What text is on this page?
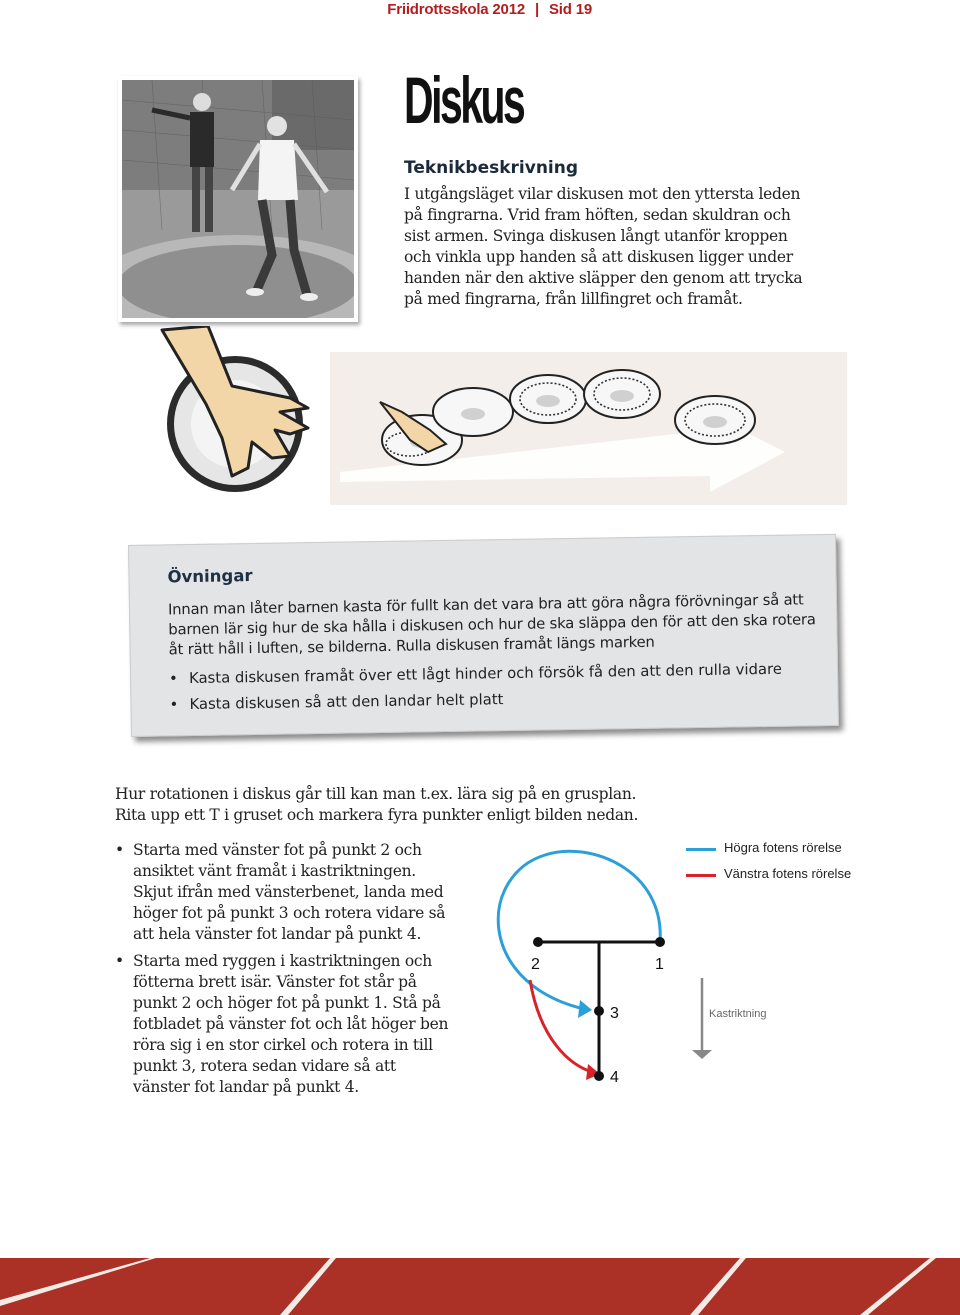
Friidrottsskola 2012 | Sid 19
Diskus
Teknikbeskrivning
I utgångsläget vilar diskusen mot den yttersta leden på fingrarna. Vrid fram höften, sedan skuldran och sist armen. Svinga diskusen långt utanför kroppen och vinkla upp handen så att diskusen ligger under handen när den aktive släpper den genom att trycka på med fingrarna, från lillfingret och framåt.
Övningar
Innan man låter barnen kasta för fullt kan det vara bra att göra några förövningar så att barnen lär sig hur de ska hålla i diskusen och hur de ska släppa den för att den ska rotera åt rätt håll i luften, se bilderna. Rulla diskusen framåt längs marken
• Kasta diskusen framåt över ett lågt hinder och försök få den att den rulla vidare
• Kasta diskusen så att den landar helt platt
Hur rotationen i diskus går till kan man t.ex. lära sig på en grusplan.
Rita upp ett T i gruset och markera fyra punkter enligt bilden nedan.
• Starta med vänster fot på punkt 2 och ansiktet vänt framåt i kastriktningen. Skjut ifrån med vänsterbenet, landa med höger fot på punkt 3 och rotera vidare så att hela vänster fot landar på punkt 4.
• Starta med ryggen i kastriktningen och fötterna brett isär. Vänster fot står på punkt 2 och höger fot på punkt 1. Stå på fotbladet på vänster fot och låt höger ben röra sig i en stor cirkel och rotera in till punkt 3, rotera sedan vidare så att vänster fot landar på punkt 4.
2	1
3
4
Kastriktning
Högra fotens rörelse
Vänstra fotens rörelse
